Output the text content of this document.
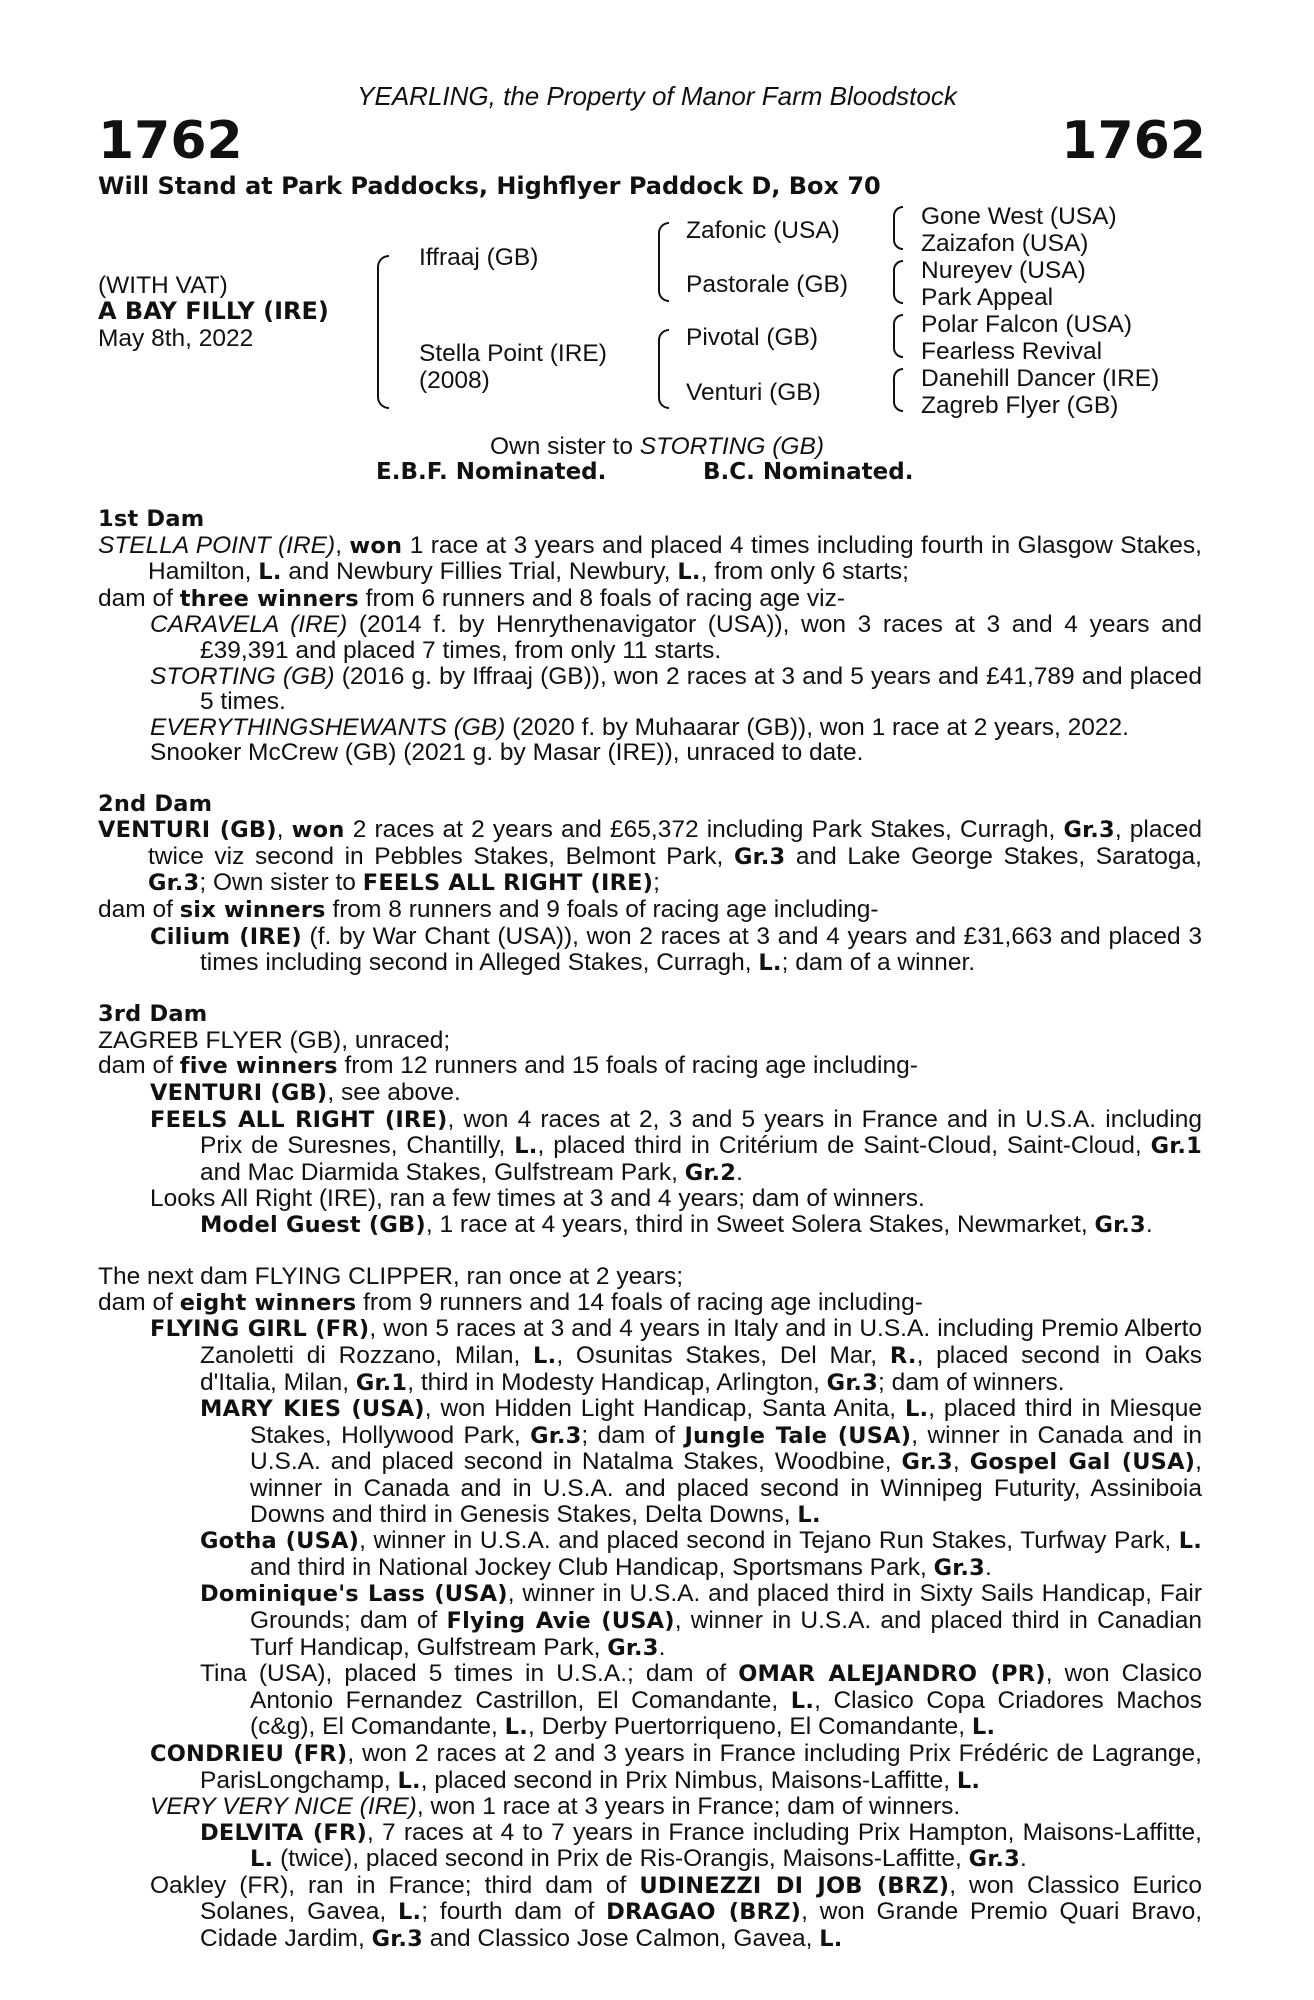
YEARLING, the Property of Manor Farm Bloodstock
1762	1762
Will Stand at Park Paddocks, Highflyer Paddock D, Box 70
(WITH VAT)
A BAY FILLY (IRE)
May 8th, 2022
Iffraaj (GB)
Stella Point (IRE)
(2008)
Zafonic (USA)
Pastorale (GB)
Pivotal (GB)
Venturi (GB)
Gone West (USA)
Zaizafon (USA)
Nureyev (USA)
Park Appeal
Polar Falcon (USA)
Fearless Revival
Danehill Dancer (IRE)
Zagreb Flyer (GB)
Own sister to STORTING (GB)
E.B.F. Nominated.	B.C. Nominated.
1st Dam
STELLA POINT (IRE), won 1 race at 3 years and placed 4 times including fourth in Glasgow Stakes, Hamilton, L. and Newbury Fillies Trial, Newbury, L., from only 6 starts;
dam of three winners from 6 runners and 8 foals of racing age viz-
CARAVELA (IRE) (2014 f. by Henrythenavigator (USA)), won 3 races at 3 and 4 years and £39,391 and placed 7 times, from only 11 starts.
STORTING (GB) (2016 g. by Iffraaj (GB)), won 2 races at 3 and 5 years and £41,789 and placed 5 times.
EVERYTHINGSHEWANTS (GB) (2020 f. by Muhaarar (GB)), won 1 race at 2 years, 2022.
Snooker McCrew (GB) (2021 g. by Masar (IRE)), unraced to date.
2nd Dam
VENTURI (GB), won 2 races at 2 years and £65,372 including Park Stakes, Curragh, Gr.3, placed twice viz second in Pebbles Stakes, Belmont Park, Gr.3 and Lake George Stakes, Saratoga, Gr.3; Own sister to FEELS ALL RIGHT (IRE);
dam of six winners from 8 runners and 9 foals of racing age including-
Cilium (IRE) (f. by War Chant (USA)), won 2 races at 3 and 4 years and £31,663 and placed 3 times including second in Alleged Stakes, Curragh, L.; dam of a winner.
3rd Dam
ZAGREB FLYER (GB), unraced;
dam of five winners from 12 runners and 15 foals of racing age including-
VENTURI (GB), see above.
FEELS ALL RIGHT (IRE), won 4 races at 2, 3 and 5 years in France and in U.S.A. including Prix de Suresnes, Chantilly, L., placed third in Critérium de Saint-Cloud, Saint-Cloud, Gr.1 and Mac Diarmida Stakes, Gulfstream Park, Gr.2.
Looks All Right (IRE), ran a few times at 3 and 4 years; dam of winners.
Model Guest (GB), 1 race at 4 years, third in Sweet Solera Stakes, Newmarket, Gr.3.
The next dam FLYING CLIPPER, ran once at 2 years;
dam of eight winners from 9 runners and 14 foals of racing age including-
FLYING GIRL (FR), won 5 races at 3 and 4 years in Italy and in U.S.A. including Premio Alberto Zanoletti di Rozzano, Milan, L., Osunitas Stakes, Del Mar, R., placed second in Oaks d'Italia, Milan, Gr.1, third in Modesty Handicap, Arlington, Gr.3; dam of winners.
MARY KIES (USA), won Hidden Light Handicap, Santa Anita, L., placed third in Miesque Stakes, Hollywood Park, Gr.3; dam of Jungle Tale (USA), winner in Canada and in U.S.A. and placed second in Natalma Stakes, Woodbine, Gr.3, Gospel Gal (USA), winner in Canada and in U.S.A. and placed second in Winnipeg Futurity, Assiniboia Downs and third in Genesis Stakes, Delta Downs, L.
Gotha (USA), winner in U.S.A. and placed second in Tejano Run Stakes, Turfway Park, L. and third in National Jockey Club Handicap, Sportsmans Park, Gr.3.
Dominique's Lass (USA), winner in U.S.A. and placed third in Sixty Sails Handicap, Fair Grounds; dam of Flying Avie (USA), winner in U.S.A. and placed third in Canadian Turf Handicap, Gulfstream Park, Gr.3.
Tina (USA), placed 5 times in U.S.A.; dam of OMAR ALEJANDRO (PR), won Clasico Antonio Fernandez Castrillon, El Comandante, L., Clasico Copa Criadores Machos (c&g), El Comandante, L., Derby Puertorriqueno, El Comandante, L.
CONDRIEU (FR), won 2 races at 2 and 3 years in France including Prix Frédéric de Lagrange, ParisLongchamp, L., placed second in Prix Nimbus, Maisons-Laffitte, L.
VERY VERY NICE (IRE), won 1 race at 3 years in France; dam of winners.
DELVITA (FR), 7 races at 4 to 7 years in France including Prix Hampton, Maisons-Laffitte, L. (twice), placed second in Prix de Ris-Orangis, Maisons-Laffitte, Gr.3.
Oakley (FR), ran in France; third dam of UDINEZZI DI JOB (BRZ), won Classico Eurico Solanes, Gavea, L.; fourth dam of DRAGAO (BRZ), won Grande Premio Quari Bravo, Cidade Jardim, Gr.3 and Classico Jose Calmon, Gavea, L.
